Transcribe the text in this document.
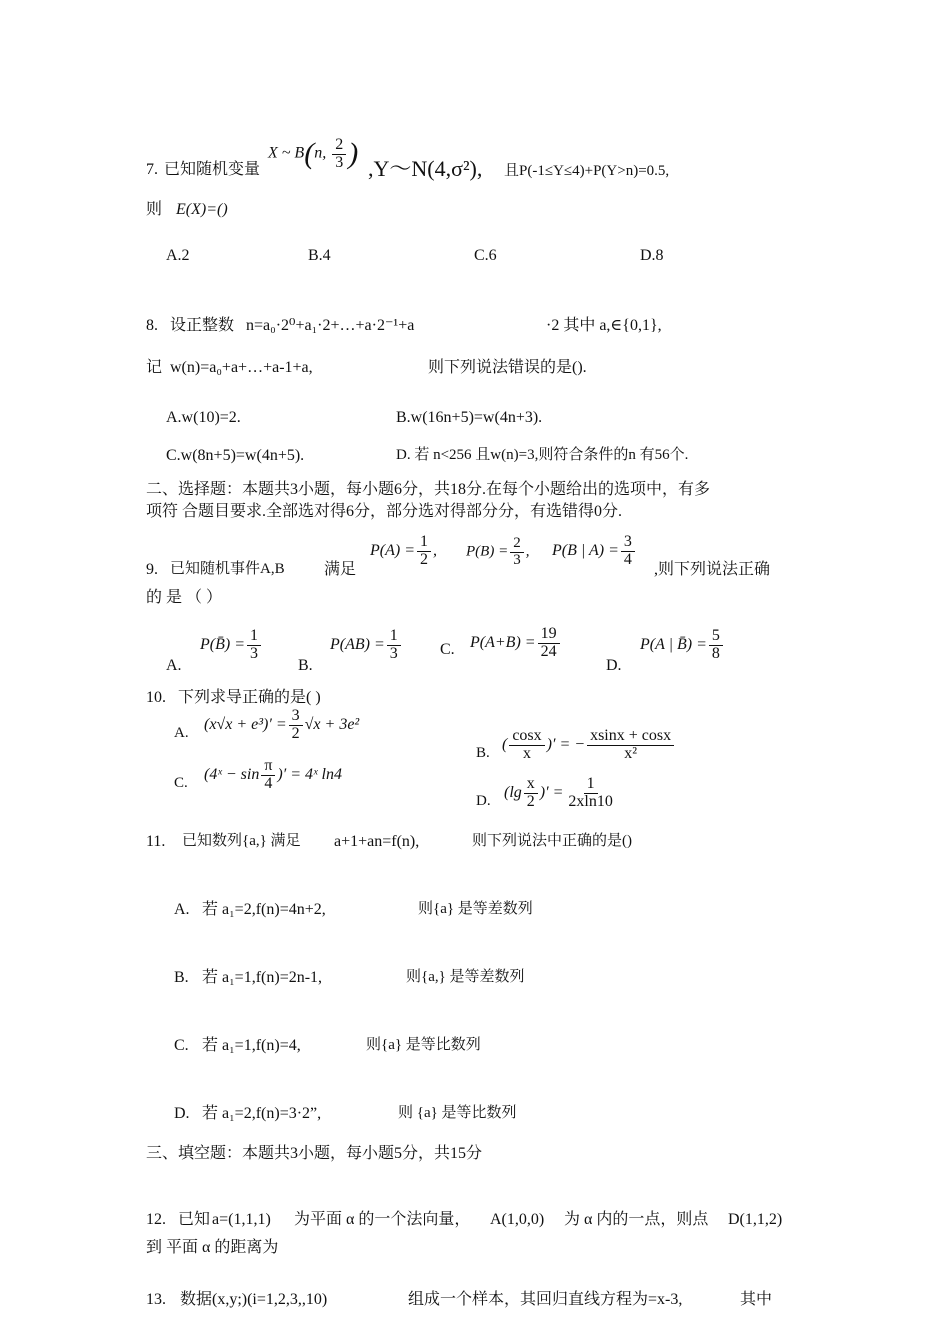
7. 已知随机变量
X ~ B(n, $\frac{2}{3}$ ) ,Y～N(4,σ²), 且P(-1≤Y≤4)+P(Y>n)=0.5,
则 E(X)=()
A.2	B.4	C.6	D.8
8. 设正整数 n=a₀·2⁰+a₁·2+…+a·2⁻¹+a	·2 其中 a,∈{0,1},
记 w(n)=a₀+a+…+a-1+a,	则下列说法错误的是().
A.w(10)=2.	B.w(16n+5)=w(4n+3).
C.w(8n+5)=w(4n+5).	D. 若 n<256 且w(n)=3,则符合条件的n 有56个.
二、选择题：本题共3小题，每小题6分，共18分.在每个小题给出的选项中，有多
项符 合题目要求.全部选对得6分，部分选对得部分分，有选错得0分.
9. 已知随机事件A,B 满足
$P(A) = \frac{1}{2}$ , $P(B) = \frac{2}{3}$ , P(B | $A) = \frac{3}{4}$
,则下列说法正确
的 是 （ ）
A.
P(B̄) = $\frac{1}{3}$
B.
$P(AB) = \frac{1}{3} C$. $P(A+B) = \frac{19}{24}$
D.
P(A | B̄) = $\frac{5}{8}$
10. 下列求导正确的是( )
A.
$(x√x + e^3)' = \frac{3}{2} √x + 3e^2$
B.
( $\frac{\cos x}{x}$ )′ = − $\frac{xsinx + \cos x}{\text{x²}}$
C.
(4ˣ − $\sin \frac{\pi}{4}$ )′ = 4ˣ ln4
D.
($\lg \frac{x}{2}$ )′ = $\frac{1}{2xln10}$
11. 已知数列{a,} 满足 a+1+an=f(n),	则下列说法中正确的是()
A. 若 a₁=2,f(n)=4n+2,	则{a} 是等差数列
B. 若 a₁=1,f(n)=2n-1,	则{a,} 是等差数列
C. 若 a₁=1,f(n)=4,	则{a} 是等比数列
D. 若 a₁=2,f(n)=3·2”,	则 {a} 是等比数列
三、填空题：本题共3小题，每小题5分，共15分
12. 已知 a=(1,1,1) 为平面 α 的一个法向量， A(1,0,0) 为 α 内的一点，则点 D(1,1,2)
到 平面 α 的距离为
13. 数据(x,y;)(i=1,2,3,,10)	组成一个样本，其回归直线方程为=x-3,	其中
